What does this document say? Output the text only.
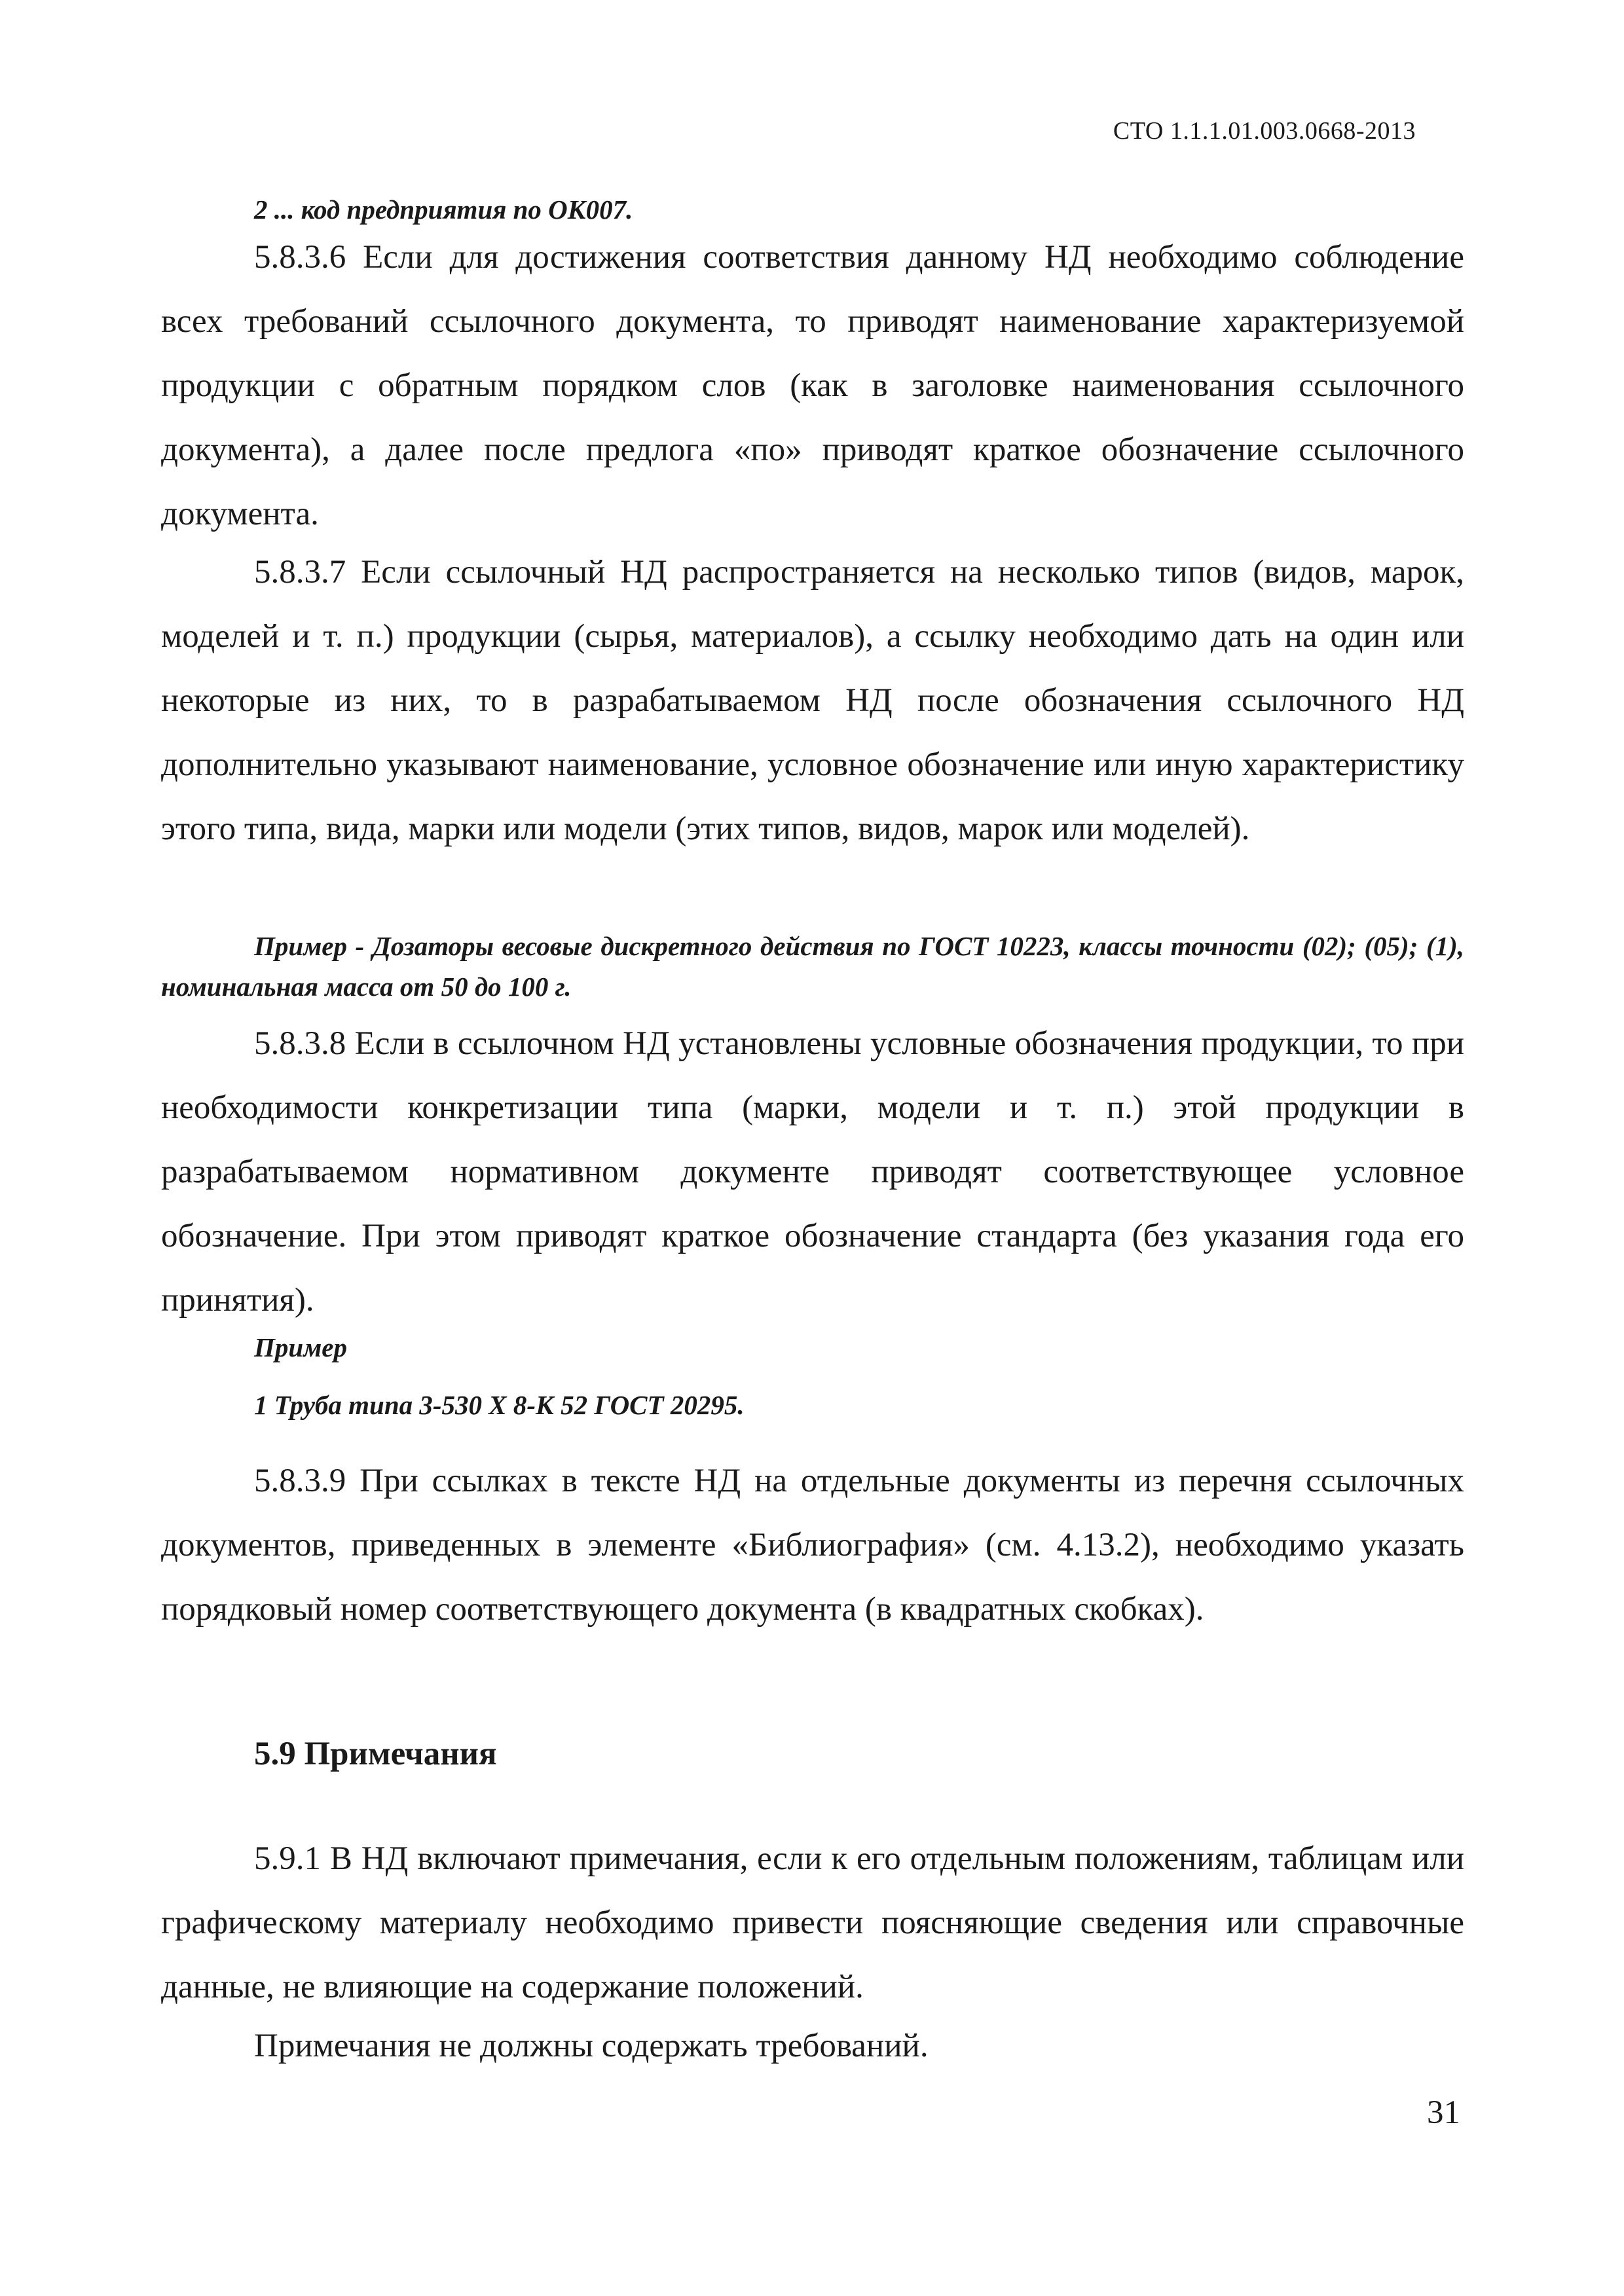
СТО 1.1.1.01.003.0668-2013
2 ... код предприятия по ОК007.
5.8.3.6 Если для достижения соответствия данному НД необходимо соблюдение всех требований ссылочного документа, то приводят наименование характеризуемой продукции с обратным порядком слов (как в заголовке наименования ссылочного документа), а далее после предлога «по» приводят краткое обозначение ссылочного документа.
5.8.3.7 Если ссылочный НД распространяется на несколько типов (видов, марок, моделей и т. п.) продукции (сырья, материалов), а ссылку необходимо дать на один или некоторые из них, то в разрабатываемом НД после обозначения ссылочного НД дополнительно указывают наименование, условное обозначение или иную характеристику этого типа, вида, марки или модели (этих типов, видов, марок или моделей).
Пример - Дозаторы весовые дискретного действия по ГОСТ 10223, классы точности (02); (05); (1), номинальная масса от 50 до 100 г.
5.8.3.8 Если в ссылочном НД установлены условные обозначения продукции, то при необходимости конкретизации типа (марки, модели и т. п.) этой продукции в разрабатываемом нормативном документе приводят соответствующее условное обозначение. При этом приводят краткое обозначение стандарта (без указания года его принятия).
Пример
1 Труба типа 3-530 X 8-К 52 ГОСТ 20295.
5.8.3.9 При ссылках в тексте НД на отдельные документы из перечня ссылочных документов, приведенных в элементе «Библиография» (см. 4.13.2), необходимо указать порядковый номер соответствующего документа (в квадратных скобках).
5.9 Примечания
5.9.1 В НД включают примечания, если к его отдельным положениям, таблицам или графическому материалу необходимо привести поясняющие сведения или справочные данные, не влияющие на содержание положений.
Примечания не должны содержать требований.
31
